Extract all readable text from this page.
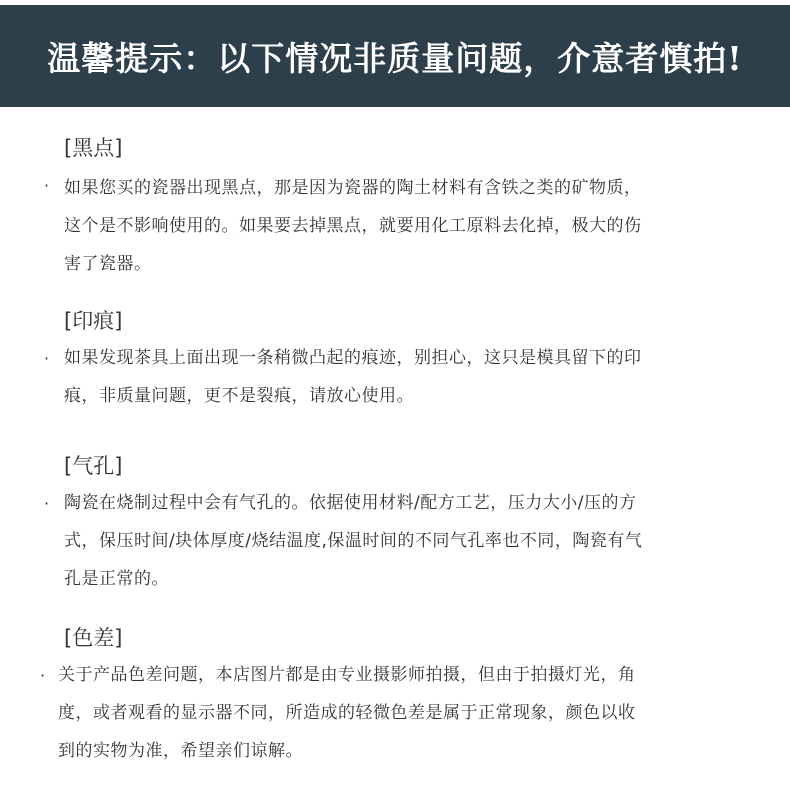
温馨提示：以下情况非质量问题，介意者慎拍!
[黑点]
· 如果您买的瓷器出现黑点，那是因为瓷器的陶土材料有含铁之类的矿物质，
这个是不影响使用的。如果要去掉黑点，就要用化工原料去化掉，极大的伤
害了瓷器。
[印痕]
· 如果发现茶具上面出现一条稍微凸起的痕迹，别担心，这只是模具留下的印
痕，非质量问题，更不是裂痕，请放心使用。
[气孔]
· 陶瓷在烧制过程中会有气孔的。依据使用材料/配方工艺，压力大小/压的方
式，保压时间/块体厚度/烧结温度,保温时间的不同气孔率也不同，陶瓷有气
孔是正常的。
[色差]
· 关于产品色差问题，本店图片都是由专业摄影师拍摄，但由于拍摄灯光，角
度，或者观看的显示器不同，所造成的轻微色差是属于正常现象，颜色以收
到的实物为准，希望亲们谅解。
